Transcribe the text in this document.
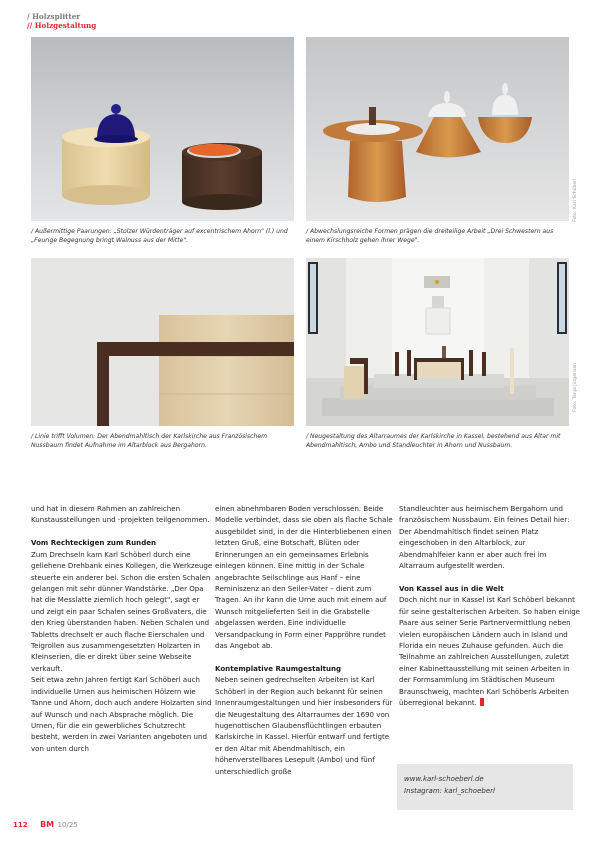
/ Holzsplitter
// Holzgestaltung
Foto: Karl Schöberl
/ Außermittige Paarungen: „Stolzer Würdenträger auf excentrischem Ahorn" (l.) und „Feurige Begegnung bringt Walnuss aus der Mitte".
/ Abwechslungsreiche Formen prägen die dreiteilige Arbeit „Drei Schwestern aus einem Kirschholz gehen ihrer Wege".
Foto: Tanja Jürgensen
/ Linie trifft Volumen: Der Abendmahltisch der Karlskirche aus Französischem Nussbaum findet Aufnahme im Altarblock aus Bergahorn.
/ Neugestaltung des Altarraumes der Karlskirche in Kassel, bestehend aus Altar mit Abendmahltisch, Ambo und Standleuchter in Ahorn und Nussbaum.

und hat in diesem Rahmen an zahlreichen Kunstausstellungen und -projekten teilgenommen.

Vom Rechteckigen zum Runden

Zum Drechseln kam Karl Schöberl durch eine geliehene Drehbank eines Kollegen, die Werkzeuge steuerte ein anderer bei. Schon die ersten Schalen gelangen mit sehr dünner Wandstärke. „Der Opa hat die Messlatte ziemlich hoch gelegt", sagt er und zeigt ein paar Schalen seines Großvaters, die den Krieg überstanden haben. Neben Schalen und Tabletts drechselt er auch flache Eierschalen und Teigrollen aus zusammengesetzten Holzarten in Kleinserien, die er direkt über seine Webseite verkauft.

Seit etwa zehn Jahren fertigt Karl Schöberl auch individuelle Urnen aus heimischen Hölzern wie Tanne und Ahorn, doch auch andere Holzarten sind auf Wunsch und nach Absprache möglich. Die Urnen, für die ein gewerbliches Schutzrecht besteht, werden in zwei Varianten angeboten und von unten durch

einen abnehmbaren Boden verschlossen. Beide Modelle verbindet, dass sie oben als flache Schale ausgebildet sind, in der die Hinterbliebenen einen letzten Gruß, eine Botschaft, Blüten oder Erinnerungen an ein gemeinsames Erlebnis einlegen können. Eine mittig in der Schale angebrachte Seilschlinge aus Hanf – eine Reminiszenz an den Seiler-Vater – dient zum Tragen. An ihr kann die Urne auch mit einem auf Wunsch mitgelieferten Seil in die Grabstelle abgelassen werden. Eine individuelle Versandpackung in Form einer Pappröhre rundet das Angebot ab.

Kontemplative Raumgestaltung

Neben seinen gedrechselten Arbeiten ist Karl Schöberl in der Region auch bekannt für seinen Innenraumgestaltungen und hier insbesonders für die Neugestaltung des Altarraumes der 1690 von hugenottischen Glaubensflüchtlingen erbauten Karlskirche in Kassel. Hierfür entwarf und fertigte er den Altar mit Abendmahltisch, ein höhenverstellbares Lesepult (Ambo) und fünf unterschiedlich große

Standleuchter aus heimischem Bergahorn und französischem Nussbaum. Ein feines Detail hier: Der Abendmahltisch findet seinen Platz eingeschoben in den Altarblock, zur Abendmahlfeier kann er aber auch frei im Altarraum aufgestellt werden.

Von Kassel aus in die Welt

Doch nicht nur in Kassel ist Karl Schöberl bekannt für seine gestalterischen Arbeiten. So haben einige Paare aus seiner Serie Partnervermittlung neben vielen europäischen Ländern auch in Island und Florida ein neues Zuhause gefunden. Auch die Teilnahme an zahlreichen Ausstellungen, zuletzt einer Kabinettausstellung mit seinen Arbeiten in der Formsammlung im Städtischen Museum Braunschweig, machten Karl Schöberls Arbeiten überregional bekannt.

www.karl-schoeberl.de
Instagram: karl_schoeberl
112 BM 10/25
